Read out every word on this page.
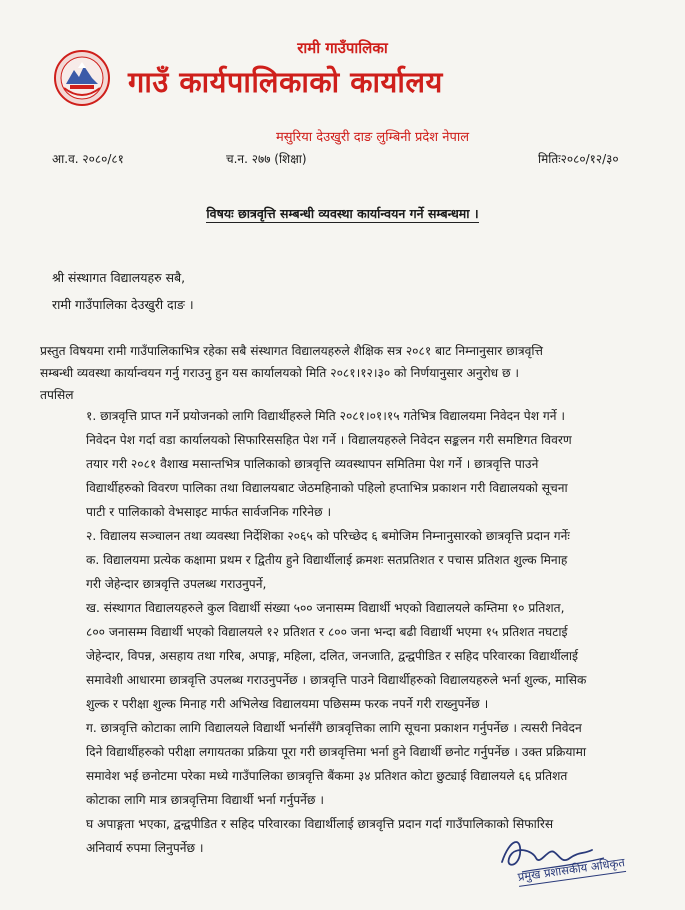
रामी गाउँपालिका
गाउँ कार्यपालिकाको कार्यालय
मसुरिया देउखुरी दाङ लुम्बिनी प्रदेश नेपाल
आ.व. २०८०/८१	च.न. २७७ (शिक्षा)	मितिः२०८०/१२/३०
विषयः छात्रवृत्ति सम्बन्धी व्यवस्था कार्यान्वयन गर्ने सम्बन्धमा ।
श्री संस्थागत विद्यालयहरु सबै,
रामी गाउँपालिका देउखुरी दाङ ।
प्रस्तुत विषयमा रामी गाउँपालिकाभित्र रहेका सबै संस्थागत विद्यालयहरुले शैक्षिक सत्र २०८१ बाट निम्नानुसार छात्रवृत्ति
सम्बन्धी व्यवस्था कार्यान्वयन गर्नु गराउनु हुन यस कार्यालयको मिति २०८१।१२।३० को निर्णयानुसार अनुरोध छ ।
तपसिल
१. छात्रवृत्ति प्राप्त गर्ने प्रयोजनको लागि विद्यार्थीहरुले मिति २०८१।०१।१५ गतेभित्र विद्यालयमा निवेदन पेश गर्ने ।
निवेदन पेश गर्दा वडा कार्यालयको सिफारिससहित पेश गर्ने । विद्यालयहरुले निवेदन सङ्कलन गरी समष्टिगत विवरण
तयार गरी २०८१ वैशाख मसान्तभित्र पालिकाको छात्रवृत्ति व्यवस्थापन समितिमा पेश गर्ने । छात्रवृत्ति पाउने
विद्यार्थीहरुको विवरण पालिका तथा विद्यालयबाट जेठमहिनाको पहिलो हप्ताभित्र प्रकाशन गरी विद्यालयको सूचना
पाटी र पालिकाको वेभसाइट मार्फत सार्वजनिक गरिनेछ ।
२. विद्यालय सञ्चालन तथा व्यवस्था निर्देशिका २०६५ को परिच्छेद ६ बमोजिम निम्नानुसारको छात्रवृत्ति प्रदान गर्नेः
क. विद्यालयमा प्रत्येक कक्षामा प्रथम र द्वितीय हुने विद्यार्थीलाई क्रमशः सतप्रतिशत र पचास प्रतिशत शुल्क मिनाह
गरी जेहेन्दार छात्रवृत्ति उपलब्ध गराउनुपर्ने,
ख. संस्थागत विद्यालयहरुले कुल विद्यार्थी संख्या ५०० जनासम्म विद्यार्थी भएको विद्यालयले कम्तिमा १० प्रतिशत,
८०० जनासम्म विद्यार्थी भएको विद्यालयले १२ प्रतिशत र ८०० जना भन्दा बढी विद्यार्थी भएमा १५ प्रतिशत नघटाई
जेहेन्दार, विपन्न, असहाय तथा गरिब, अपाङ्ग, महिला, दलित, जनजाति, द्वन्द्वपीडित र सहिद परिवारका विद्यार्थीलाई
समावेशी आधारमा छात्रवृत्ति उपलब्ध गराउनुपर्नेछ । छात्रवृत्ति पाउने विद्यार्थीहरुको विद्यालयहरुले भर्ना शुल्क, मासिक
शुल्क र परीक्षा शुल्क मिनाह गरी अभिलेख विद्यालयमा पछिसम्म फरक नपर्ने गरी राख्नुपर्नेछ ।
ग. छात्रवृत्ति कोटाका लागि विद्यालयले विद्यार्थी भर्नासँगै छात्रवृत्तिका लागि सूचना प्रकाशन गर्नुपर्नेछ । त्यसरी निवेदन
दिने विद्यार्थीहरुको परीक्षा लगायतका प्रक्रिया पूरा गरी छात्रवृत्तिमा भर्ना हुने विद्यार्थी छनोट गर्नुपर्नेछ । उक्त प्रक्रियामा
समावेश भई छनोटमा परेका मध्ये गाउँपालिका छात्रवृत्ति बैंकमा ३४ प्रतिशत कोटा छुट्याई विद्यालयले ६६ प्रतिशत
कोटाका लागि मात्र छात्रवृत्तिमा विद्यार्थी भर्ना गर्नुपर्नेछ ।
घ अपाङ्गता भएका, द्वन्द्वपीडित र सहिद परिवारका विद्यार्थीलाई छात्रवृत्ति प्रदान गर्दा गाउँपालिकाको सिफारिस
अनिवार्य रुपमा लिनुपर्नेछ ।
प्रमुख प्रशासकीय अधिकृत
